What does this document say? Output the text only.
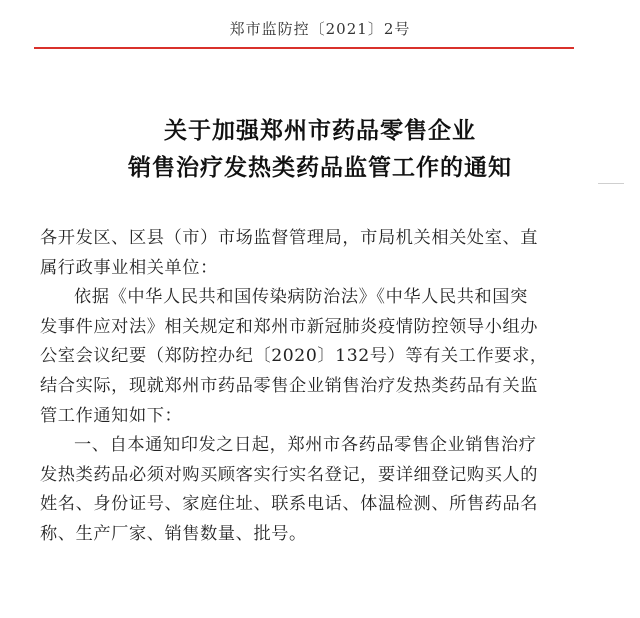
郑市监防控〔2021〕2号
关于加强郑州市药品零售企业
销售治疗发热类药品监管工作的通知
各开发区、区县（市）市场监督管理局，市局机关相关处室、直
属行政事业相关单位：
依据《中华人民共和国传染病防治法》《中华人民共和国突
发事件应对法》相关规定和郑州市新冠肺炎疫情防控领导小组办
公室会议纪要（郑防控办纪〔2020〕132号）等有关工作要求，
结合实际，现就郑州市药品零售企业销售治疗发热类药品有关监
管工作通知如下：
一、自本通知印发之日起，郑州市各药品零售企业销售治疗
发热类药品必须对购买顾客实行实名登记，要详细登记购买人的
姓名、身份证号、家庭住址、联系电话、体温检测、所售药品名
称、生产厂家、销售数量、批号。
